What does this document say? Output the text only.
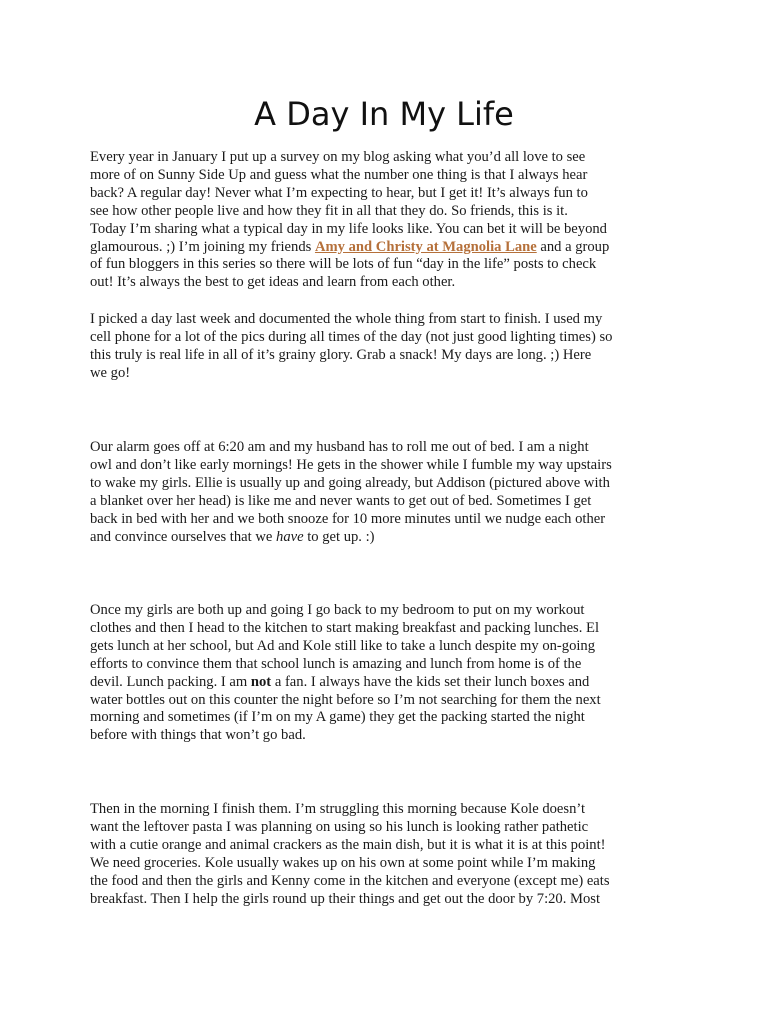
A Day In My Life

Every year in January I put up a survey on my blog asking what you’d all love to see
more of on Sunny Side Up and guess what the number one thing is that I always hear
back? A regular day! Never what I’m expecting to hear, but I get it! It’s always fun to
see how other people live and how they fit in all that they do. So friends, this is it.
Today I’m sharing what a typical day in my life looks like. You can bet it will be beyond
glamourous. ;) I’m joining my friends Amy and Christy at Magnolia Lane and a group
of fun bloggers in this series so there will be lots of fun “day in the life” posts to check
out! It’s always the best to get ideas and learn from each other.

I picked a day last week and documented the whole thing from start to finish. I used my
cell phone for a lot of the pics during all times of the day (not just good lighting times) so
this truly is real life in all of it’s grainy glory. Grab a snack! My days are long. ;) Here
we go!

Our alarm goes off at 6:20 am and my husband has to roll me out of bed. I am a night
owl and don’t like early mornings! He gets in the shower while I fumble my way upstairs
to wake my girls. Ellie is usually up and going already, but Addison (pictured above with
a blanket over her head) is like me and never wants to get out of bed. Sometimes I get
back in bed with her and we both snooze for 10 more minutes until we nudge each other
and convince ourselves that we have to get up. :)

Once my girls are both up and going I go back to my bedroom to put on my workout
clothes and then I head to the kitchen to start making breakfast and packing lunches. El
gets lunch at her school, but Ad and Kole still like to take a lunch despite my on-going
efforts to convince them that school lunch is amazing and lunch from home is of the
devil. Lunch packing. I am not a fan. I always have the kids set their lunch boxes and
water bottles out on this counter the night before so I’m not searching for them the next
morning and sometimes (if I’m on my A game) they get the packing started the night
before with things that won’t go bad.

Then in the morning I finish them. I’m struggling this morning because Kole doesn’t
want the leftover pasta I was planning on using so his lunch is looking rather pathetic
with a cutie orange and animal crackers as the main dish, but it is what it is at this point!
We need groceries. Kole usually wakes up on his own at some point while I’m making
the food and then the girls and Kenny come in the kitchen and everyone (except me) eats
breakfast. Then I help the girls round up their things and get out the door by 7:20. Most
